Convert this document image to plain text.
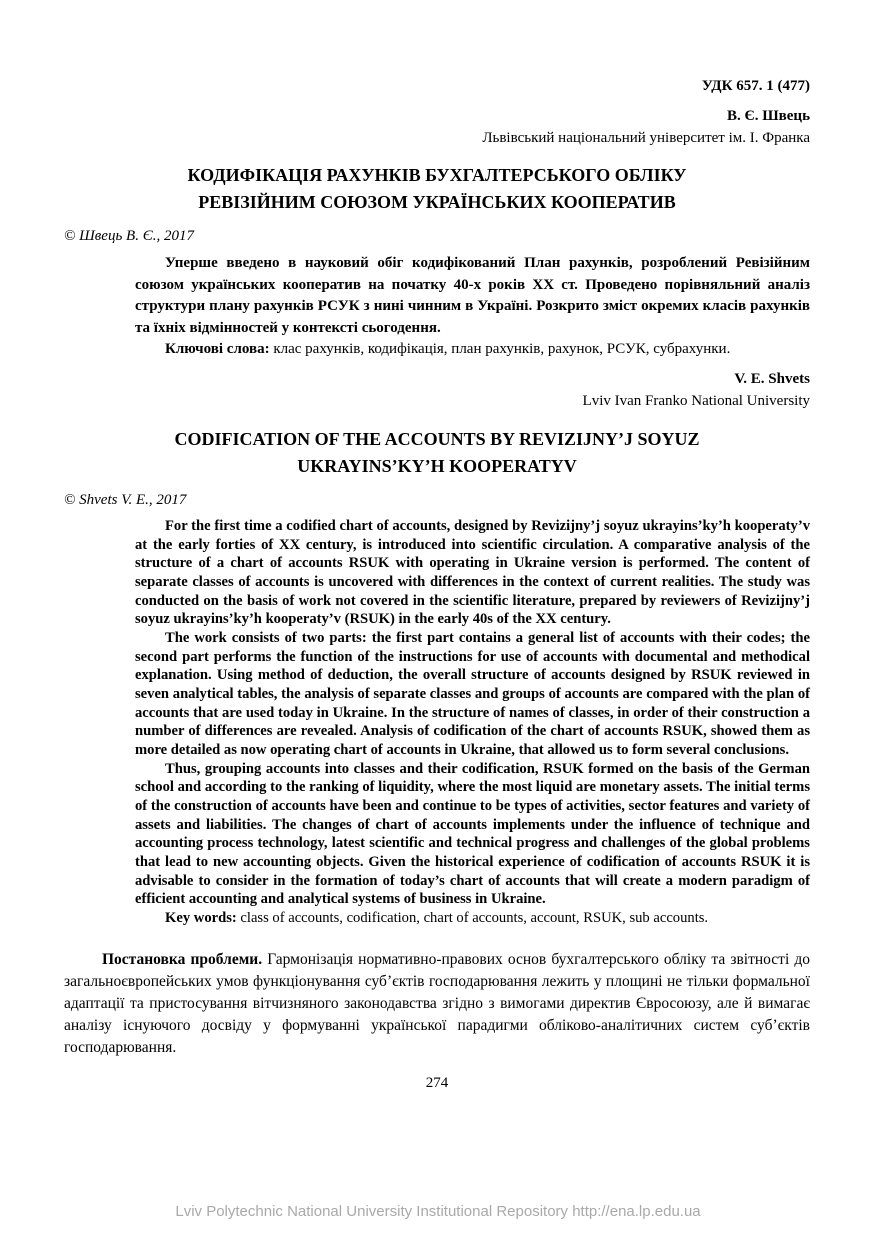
УДК 657. 1 (477)
В. Є. Швець
Львівський національний університет ім. І. Франка
КОДИФІКАЦІЯ РАХУНКІВ БУХГАЛТЕРСЬКОГО ОБЛІКУ
РЕВІЗІЙНИМ СОЮЗОМ УКРАЇНСЬКИХ КООПЕРАТИВ
© Швець В. Є., 2017

Уперше введено в науковий обіг кодифікований План рахунків, розроблений Ревізійним союзом українських кооператив на початку 40-х років ХХ ст. Проведено порівняльний аналіз структури плану рахунків РСУК з нині чинним в Україні. Розкрито зміст окремих класів рахунків та їхніх відмінностей у контексті сьогодення.

Ключові слова: клас рахунків, кодифікація, план рахунків, рахунок, РСУК, субрахунки.

V. E. Shvets
Lviv Ivan Franko National University
CODIFICATION OF THE ACCOUNTS BY REVIZIJNY’J SOYUZ
UKRAYINS’KY’H KOOPERATYV
© Shvets V. E., 2017

For the first time a codified chart of accounts, designed by Revizijny’j soyuz ukrayins’ky’h kooperaty’v at the early forties of XX century, is introduced into scientific circulation. A comparative analysis of the structure of a chart of accounts RSUK with operating in Ukraine version is performed. The content of separate classes of accounts is uncovered with differences in the context of current realities. The study was conducted on the basis of work not covered in the scientific literature, prepared by reviewers of Revizijny’j soyuz ukrayins’ky’h kooperaty’v (RSUK) in the early 40s of the XX century.

The work consists of two parts: the first part contains a general list of accounts with their codes; the second part performs the function of the instructions for use of accounts with documental and methodical explanation. Using method of deduction, the overall structure of accounts designed by RSUK reviewed in seven analytical tables, the analysis of separate classes and groups of accounts are compared with the plan of accounts that are used today in Ukraine. In the structure of names of classes, in order of their construction a number of differences are revealed. Analysis of codification of the chart of accounts RSUK, showed them as more detailed as now operating chart of accounts in Ukraine, that allowed us to form several conclusions.

Thus, grouping accounts into classes and their codification, RSUK formed on the basis of the German school and according to the ranking of liquidity, where the most liquid are monetary assets. The initial terms of the construction of accounts have been and continue to be types of activities, sector features and variety of assets and liabilities. The changes of chart of accounts implements under the influence of technique and accounting process technology, latest scientific and technical progress and challenges of the global problems that lead to new accounting objects. Given the historical experience of codification of accounts RSUK it is advisable to consider in the formation of today’s chart of accounts that will create a modern paradigm of efficient accounting and analytical systems of business in Ukraine.

Key words: class of accounts, codification, chart of accounts, account, RSUK, sub accounts.

Постановка проблеми. Гармонізація нормативно-правових основ бухгалтерського обліку та звітності до загальноєвропейських умов функціонування суб’єктів господарювання лежить у площині не тільки формальної адаптації та пристосування вітчизняного законодавства згідно з вимогами директив Євросоюзу, але й вимагає аналізу існуючого досвіду у формуванні української парадигми обліково-аналітичних систем суб’єктів господарювання.

274
Lviv Polytechnic National University Institutional Repository http://ena.lp.edu.ua
